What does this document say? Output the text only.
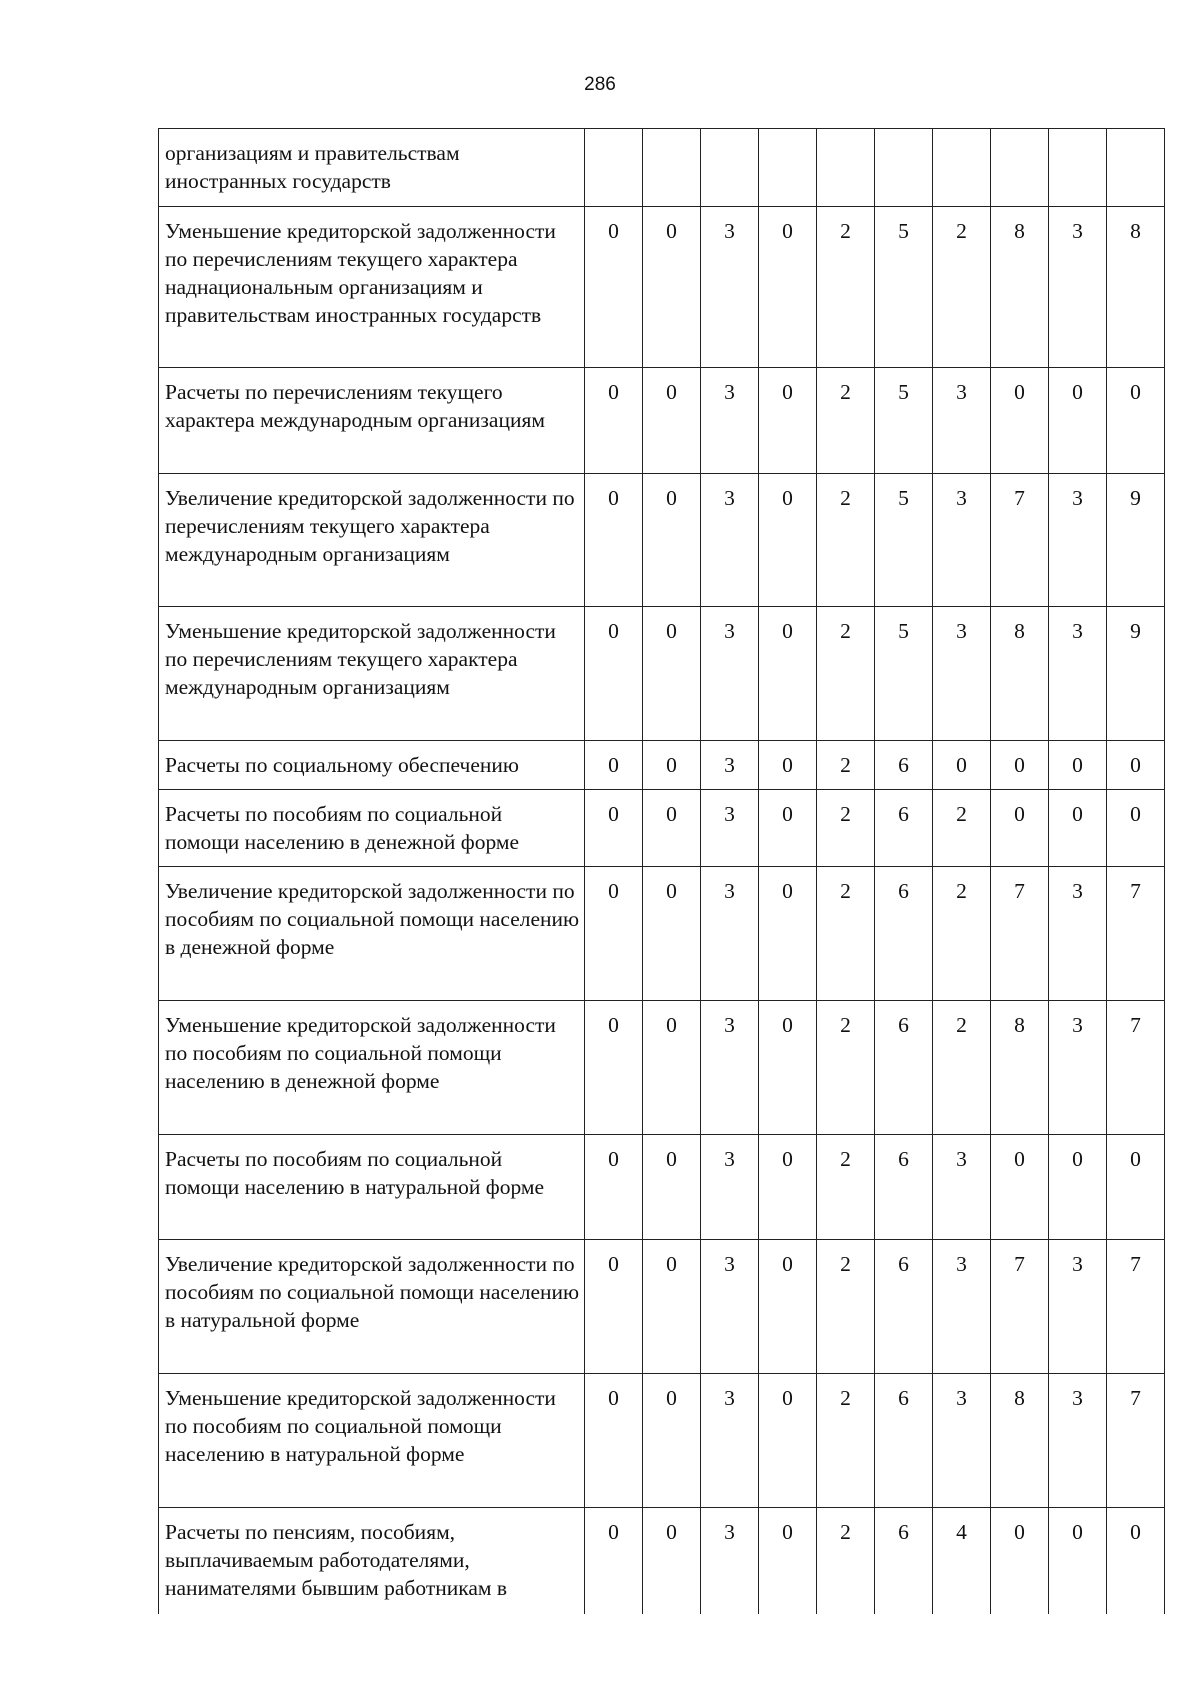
286
организациям и правительствам иностранных государств										
Уменьшение кредиторской задолженности по перечислениям текущего характера наднациональным организациям и правительствам иностранных государств	0	0	3	0	2	5	2	8	3	8
Расчеты по перечислениям текущего характера международным организациям	0	0	3	0	2	5	3	0	0	0
Увеличение кредиторской задолженности по перечислениям текущего характера международным организациям	0	0	3	0	2	5	3	7	3	9
Уменьшение кредиторской задолженности по перечислениям текущего характера международным организациям	0	0	3	0	2	5	3	8	3	9
Расчеты по социальному обеспечению	0	0	3	0	2	6	0	0	0	0
Расчеты по пособиям по социальной помощи населению в денежной форме	0	0	3	0	2	6	2	0	0	0
Увеличение кредиторской задолженности по пособиям по социальной помощи населению в денежной форме	0	0	3	0	2	6	2	7	3	7
Уменьшение кредиторской задолженности по пособиям по социальной помощи населению в денежной форме	0	0	3	0	2	6	2	8	3	7
Расчеты по пособиям по социальной помощи населению в натуральной форме	0	0	3	0	2	6	3	0	0	0
Увеличение кредиторской задолженности по пособиям по социальной помощи населению в натуральной форме	0	0	3	0	2	6	3	7	3	7
Уменьшение кредиторской задолженности по пособиям по социальной помощи населению в натуральной форме	0	0	3	0	2	6	3	8	3	7
Расчеты по пенсиям, пособиям, выплачиваемым работодателями, нанимателями бывшим работникам в	0	0	3	0	2	6	4	0	0	0
